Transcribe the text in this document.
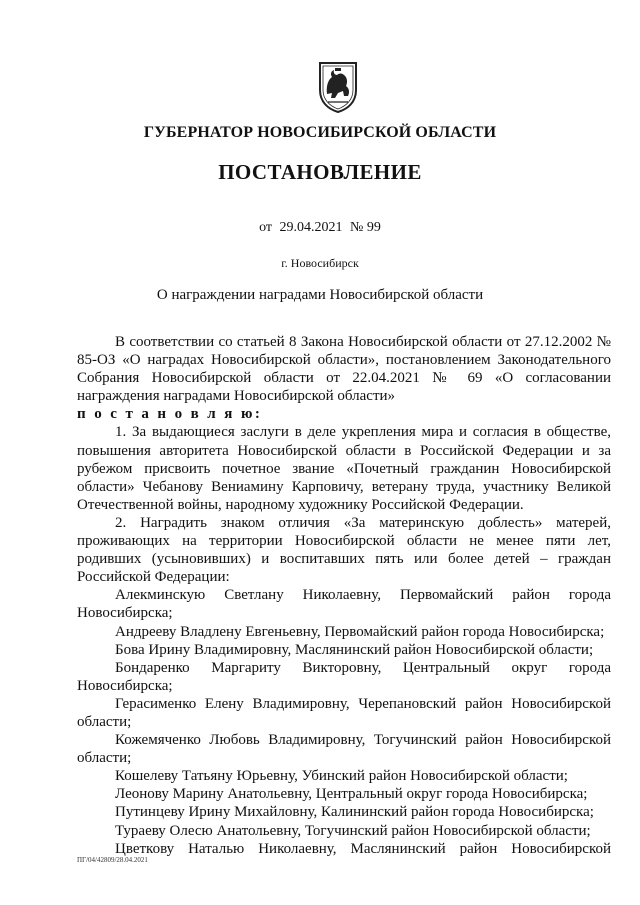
ГУБЕРНАТОР НОВОСИБИРСКОЙ ОБЛАСТИ
ПОСТАНОВЛЕНИЕ
от 29.04.2021 № 99
г. Новосибирск
О награждении наградами Новосибирской области

В соответствии со статьей 8 Закона Новосибирской области от 27.12.2002 № 85-ОЗ «О наградах Новосибирской области», постановлением Законодательного Собрания Новосибирской области от 22.04.2021 № 69 «О согласовании награждения наградами Новосибирской области»

п о с т а н о в л я ю:

1. За выдающиеся заслуги в деле укрепления мира и согласия в обществе, повышения авторитета Новосибирской области в Российской Федерации и за рубежом присвоить почетное звание «Почетный гражданин Новосибирской области» Чебанову Вениамину Карповичу, ветерану труда, участнику Великой Отечественной войны, народному художнику Российской Федерации.

2. Наградить знаком отличия «За материнскую доблесть» матерей, проживающих на территории Новосибирской области не менее пяти лет, родивших (усыновивших) и воспитавших пять или более детей – граждан Российской Федерации:

Алекминскую Светлану Николаевну, Первомайский район города Новосибирска;

Андрееву Владлену Евгеньевну, Первомайский район города Новосибирска;

Бова Ирину Владимировну, Маслянинский район Новосибирской области;

Бондаренко Маргариту Викторовну, Центральный округ города Новосибирска;

Герасименко Елену Владимировну, Черепановский район Новосибирской области;

Кожемяченко Любовь Владимировну, Тогучинский район Новосибирской области;

Кошелеву Татьяну Юрьевну, Убинский район Новосибирской области;

Леонову Марину Анатольевну, Центральный округ города Новосибирска;

Путинцеву Ирину Михайловну, Калининский район города Новосибирска;

Тураеву Олесю Анатольевну, Тогучинский район Новосибирской области;

Цветкову Наталью Николаевну, Маслянинский район Новосибирской

ПГ/04/42809/28.04.2021
